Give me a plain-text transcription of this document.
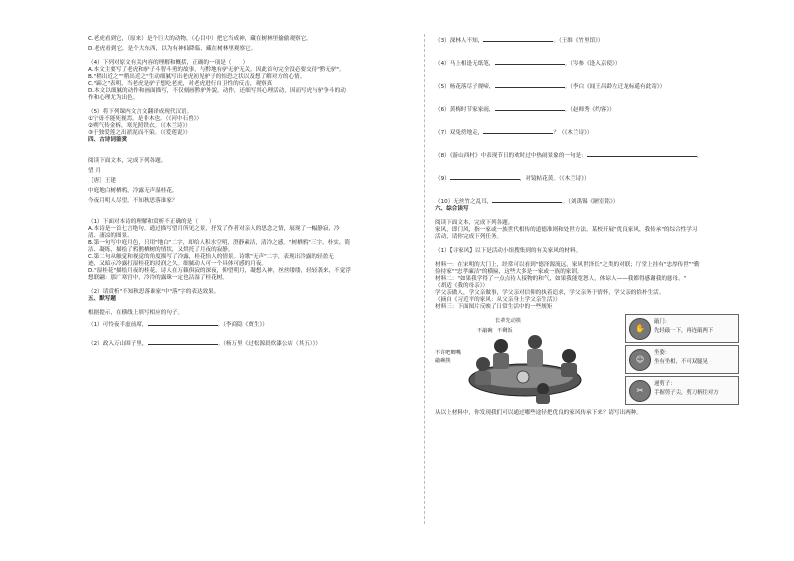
C.老虎看到它，（原来）是个巨大的动物，（心目中）把它当成神，藏在树林里偷偷观察它。

D.老虎看到它，是个大东西，以为有神仙降临，藏在树林里观察它。

（4）下列对原文有关内容的理解和概括，正确的一项是（　　）

A.本文主要写了老虎和驴子斗智斗勇的故事，与黔地有驴无驴无关，因此首句完全没必要交待"黔无驴"。

B."稍出近之""稍出近之"生动细腻写出老虎初见驴子的惊恐之状以及想了解对方的心情。

C."蹄之"表明，当老虎是驴子想吃老虎，对老虎进行自卫性的反击，观察真

D.本文以细腻的动作和画面描写，不仅刻画黔驴外貌，动作，还细写其心理活动，因而写虎与驴争斗的动

作和心理尤为出色。

（5）将下列课内文言文翻译成现代汉语。

①宁毋不能死视焉，是非木也。（《河中石兽》）

②朔气传金柝，寒光照铁衣。（《木兰诗》）

③于独爱莲之出淤泥而不染。（《爱莲说》）

四、古诗词鉴赏

阅读下面文本，完成下列各题。

望 月

［唐］王建

中庭地白树栖鸦，冷露无声湿桂花。

今夜月明人尽望，不知秋思落谁家？

（1）下面对本诗的理解和赏析不正确的是（　　）

A.本诗是一首七言绝句。通过描写望月所见之景，抒发了作者对亲人的思念之情，展现了一幅静寂、冷

清、凄凉的图景。

B.第一句写中庭月色，只用"地白"二字，却给人积水空明，澄静素洁，清冷之感。"树栖鸦"三字，朴实、简

洁、凝练，描绘了鸦鹊栖树的情状，又烘托了月夜的寂静。

C.第二句从触觉和视觉的角度描写了冷露，桂花怡人的情景。诗歌"无声"二字，表现出冷露的轻盈无

迹，又暗示冷露打湿桂花的浸润之久。细腻动人可一个具体可感的月夜。

D."湿桂花"描绘月夜的桂花，诗人在万籁俱寂的深夜，仰望明月，凝想入神，丝丝缕缕，轻轻袭来，不觉浮

想联翩：那广寒宫中，冷冷的露珠一定也沾湿了桂花树。

（2）请赏析"不知秋思落谁家"中"落"字的表达效果。

五、默写题

根据提示，在横线上填写相应的句子。

（1）可怜夜半虚前席，	。（李商隐《贾生》）

（2）政入万山围子里，	。（杨万里《过松源晨炊漆公店（其五）》）

（3）深林人不知，	。（王维《竹里馆》）

（4）马上相逢无纸笔，	。（岑参《逢入京使》）

（5）杨花落尽子规啼，	。（李白《闻王昌龄左迁龙标遥有此寄》）

（6）黄梅时节家家雨，	。（赵师秀《约客》）

（7）双兔傍地走，	？（《木兰诗》）

（8）《游山西村》中表现节日的欢时过中热闹景象的一句是：	。

（9）	，对镜帖花黄。（《木兰诗》）

（10）无丝竹之乱耳，	。（刘禹锡《陋室铭》）

六、综合读写

阅读下面文本，完成下列各题。

家风，即门风，指一家或一族世代相传的道德准则和处世方法。某校开展"优良家风，我传承"的综合性学习

活动，请你完成下列任务。

（1）【寻家风】以下是活动小组搜集到的有关家风的材料。

材料一：在宋明的大门上，经常可以看到"德泽源流远，家风世泽长"之类的对联；厅堂上挂有"忠厚传世""勤

俭持家""忠孝廉洁"的横匾，这些大多是一家或一族的家训。

材料二："如果我学得了一点点待人接物的和气，如果我能宽恕人，体谅人——我都得感谢我的慈母。"

（胡适《我的母亲》）

学父亲做人，学父亲做事，学父亲对信仰的执着追求，学父亲务于情怀，学父亲的恰朴生活。

（摘自《习近平的家风：从父亲身上学父亲生活》）

材料三：下面图片反映了日常生活中的一些规矩

长辈先动筷
不敲碗 不剩饭
不许吧唧嘴
敲碗筷
✋
敲门：
先轻敲一下，再连敲两下
☺
坐姿：
坐有坐相，不可双腿晃
✂
递剪子：
手握剪子尖，剪刀柄往对方

从以上材料中，你发现我们可以通过哪些途径把优良的家风传承下来？请写出两种。
